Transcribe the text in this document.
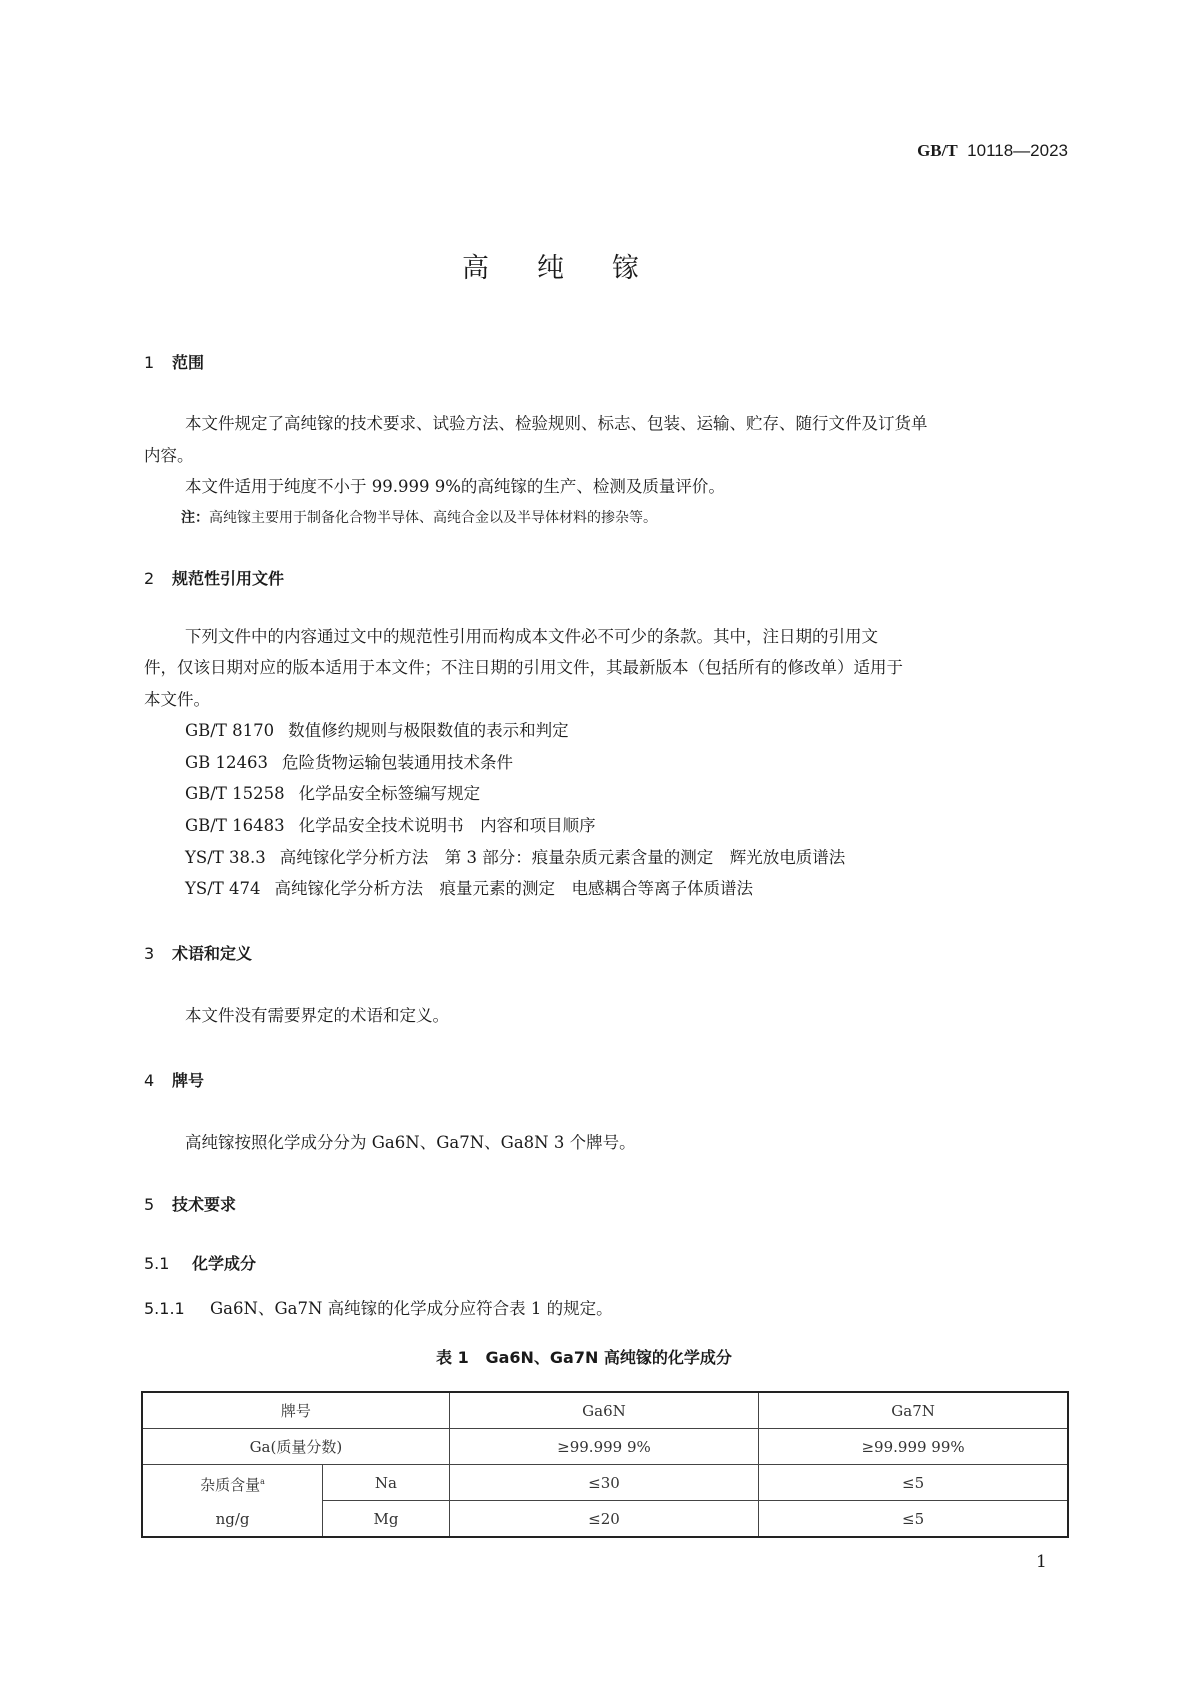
GB/T 10118—2023
高纯镓
1 范围
本文件规定了高纯镓的技术要求、试验方法、检验规则、标志、包装、运输、贮存、随行文件及订货单
内容。
本文件适用于纯度不小于 99.999 9%的高纯镓的生产、检测及质量评价。
注：高纯镓主要用于制备化合物半导体、高纯合金以及半导体材料的掺杂等。
2 规范性引用文件
下列文件中的内容通过文中的规范性引用而构成本文件必不可少的条款。其中，注日期的引用文
件，仅该日期对应的版本适用于本文件；不注日期的引用文件，其最新版本（包括所有的修改单）适用于
本文件。
GB/T 8170 数值修约规则与极限数值的表示和判定
GB 12463 危险货物运输包装通用技术条件
GB/T 15258 化学品安全标签编写规定
GB/T 16483 化学品安全技术说明书　内容和项目顺序
YS/T 38.3 高纯镓化学分析方法　第 3 部分：痕量杂质元素含量的测定　辉光放电质谱法
YS/T 474 高纯镓化学分析方法　痕量元素的测定　电感耦合等离子体质谱法
3 术语和定义
本文件没有需要界定的术语和定义。
4 牌号
高纯镓按照化学成分分为 Ga6N、Ga7N、Ga8N 3 个牌号。
5 技术要求
5.1 化学成分
5.1.1 Ga6N、Ga7N 高纯镓的化学成分应符合表 1 的规定。
表 1 Ga6N、Ga7N 高纯镓的化学成分
牌号		Ga6N	Ga7N
Ga(质量分数)		≥99.999 9%	≥99.999 99%
杂质含量$^a$
ng/g	Na	≤30	≤5
	Mg	≤20	≤5
1
